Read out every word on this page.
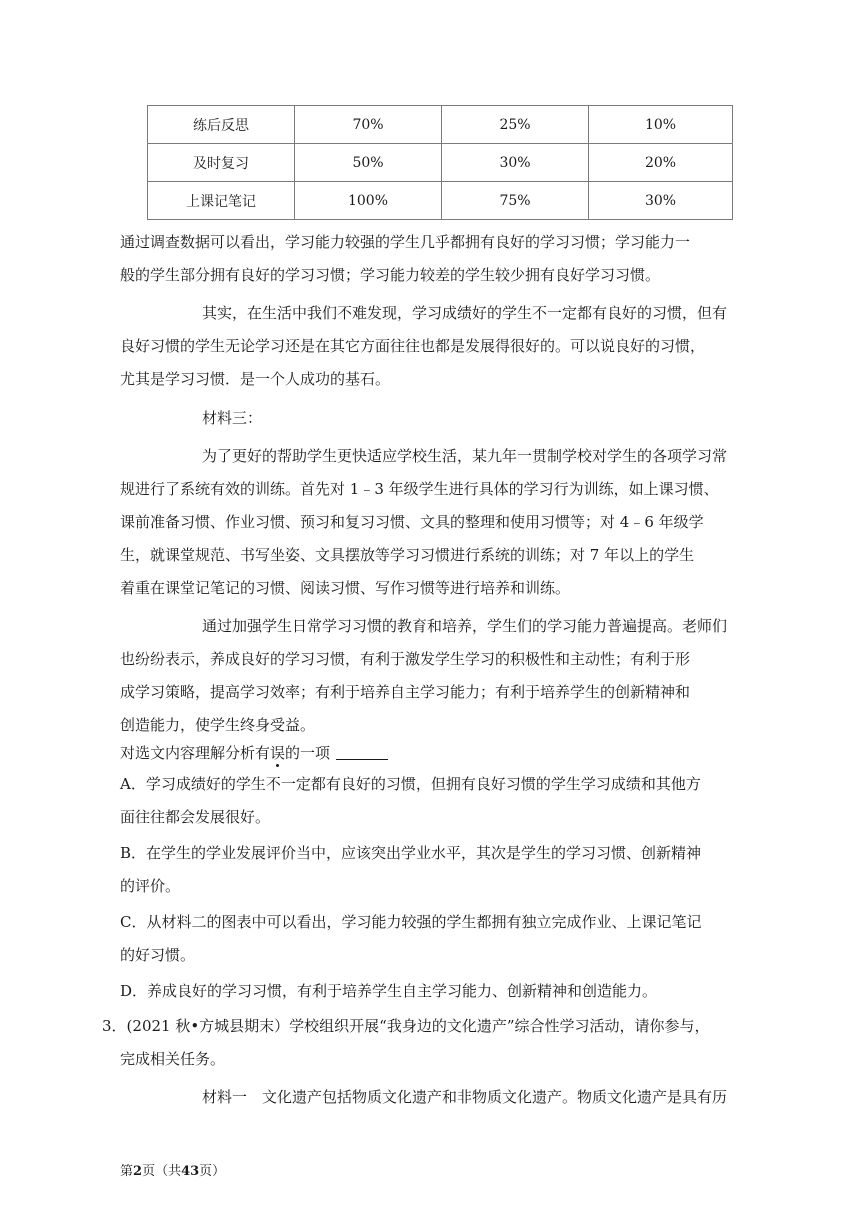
练后反思	70%	25%	10%
及时复习	50%	30%	20%
上课记笔记	100%	75%	30%
通过调查数据可以看出，学习能力较强的学生几乎都拥有良好的学习习惯；学习能力一
般的学生部分拥有良好的学习习惯；学习能力较差的学生较少拥有良好学习习惯。
其实，在生活中我们不难发现，学习成绩好的学生不一定都有良好的习惯，但有
良好习惯的学生无论学习还是在其它方面往往也都是发展得很好的。可以说良好的习惯，
尤其是学习习惯．是一个人成功的基石。
材料三：
为了更好的帮助学生更快适应学校生活，某九年一贯制学校对学生的各项学习常
规进行了系统有效的训练。首先对 1﹣3 年级学生进行具体的学习行为训练，如上课习惯、
课前准备习惯、作业习惯、预习和复习习惯、文具的整理和使用习惯等；对 4﹣6 年级学
生，就课堂规范、书写坐姿、文具摆放等学习习惯进行系统的训练；对 7 年以上的学生
着重在课堂记笔记的习惯、阅读习惯、写作习惯等进行培养和训练。
通过加强学生日常学习习惯的教育和培养，学生们的学习能力普遍提高。老师们
也纷纷表示，养成良好的学习习惯，有利于激发学生学习的积极性和主动性；有利于形
成学习策略，提高学习效率；有利于培养自主学习能力；有利于培养学生的创新精神和
创造能力，使学生终身受益。
对选文内容理解分析有误
的一项
A．学习成绩好的学生不一定都有良好的习惯，但拥有良好习惯的学生学习成绩和其他方
面往往都会发展很好。
B．在学生的学业发展评价当中，应该突出学业水平，其次是学生的学习习惯、创新精神
的评价。
C．从材料二的图表中可以看出，学习能力较强的学生都拥有独立完成作业、上课记笔记
的好习惯。
D．养成良好的学习习惯，有利于培养学生自主学习能力、创新精神和创造能力。
3．(2021 秋•方城县期末）学校组织开展“我身边的文化遗产”综合性学习活动，请你参与，
完成相关任务。
材料一　文化遗产包括物质文化遗产和非物质文化遗产。物质文化遗产是具有历
第2页（共43页）
